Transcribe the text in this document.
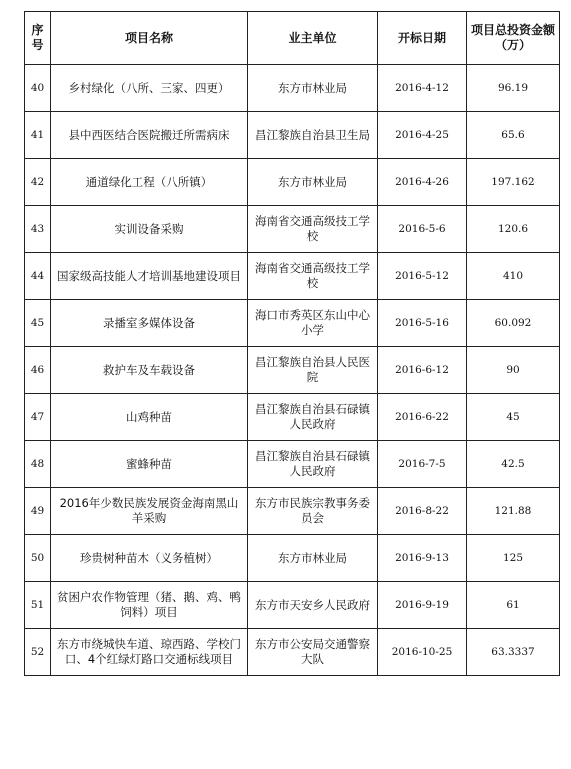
序号	项目名称	业主单位	开标日期	项目总投资金额（万）
40	乡村绿化（八所、三家、四更）	东方市林业局	2016-4-12	96.19
41	县中西医结合医院搬迁所需病床	昌江黎族自治县卫生局	2016-4-25	65.6
42	通道绿化工程（八所镇）	东方市林业局	2016-4-26	197.162
43	实训设备采购	海南省交通高级技工学校	2016-5-6	120.6
44	国家级高技能人才培训基地建设项目	海南省交通高级技工学校	2016-5-12	410
45	录播室多媒体设备	海口市秀英区东山中心小学	2016-5-16	60.092
46	救护车及车载设备	昌江黎族自治县人民医院	2016-6-12	90
47	山鸡种苗	昌江黎族自治县石碌镇人民政府	2016-6-22	45
48	蜜蜂种苗	昌江黎族自治县石碌镇人民政府	2016-7-5	42.5
49	2016年少数民族发展资金海南黑山羊采购	东方市民族宗教事务委员会	2016-8-22	121.88
50	珍贵树种苗木（义务植树）	东方市林业局	2016-9-13	125
51	贫困户农作物管理（猪、鹅、鸡、鸭饲料）项目	东方市天安乡人民政府	2016-9-19	61
52	东方市绕城快车道、琼西路、学校门口、4个红绿灯路口交通标线项目	东方市公安局交通警察大队	2016-10-25	63.3337
